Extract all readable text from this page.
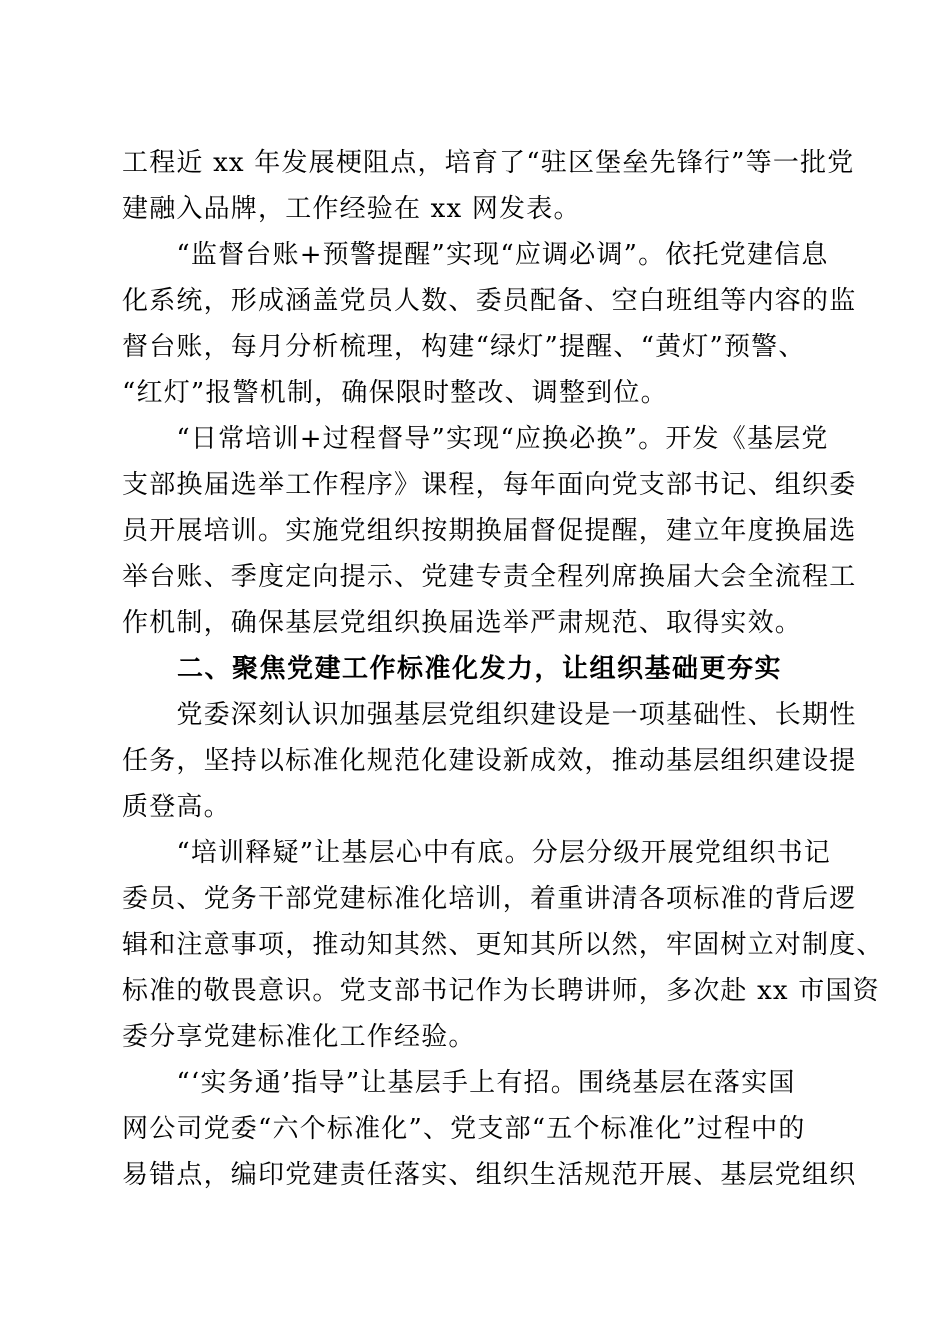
工程近 xx 年发展梗阻点，培育了“驻区堡垒先锋行”等一批党
建融入品牌，工作经验在 xx 网发表。
　　“监督台账+预警提醒”实现“应调必调”。依托党建信息
化系统，形成涵盖党员人数、委员配备、空白班组等内容的监
督台账，每月分析梳理，构建“绿灯”提醒、“黄灯”预警、
“红灯”报警机制，确保限时整改、调整到位。
　　“日常培训+过程督导”实现“应换必换”。开发《基层党
支部换届选举工作程序》课程，每年面向党支部书记、组织委
员开展培训。实施党组织按期换届督促提醒，建立年度换届选
举台账、季度定向提示、党建专责全程列席换届大会全流程工
作机制，确保基层党组织换届选举严肃规范、取得实效。
　　二、聚焦党建工作标准化发力，让组织基础更夯实
　　党委深刻认识加强基层党组织建设是一项基础性、长期性
任务，坚持以标准化规范化建设新成效，推动基层组织建设提
质登高。
　　“培训释疑”让基层心中有底。分层分级开展党组织书记
委员、党务干部党建标准化培训，着重讲清各项标准的背后逻
辑和注意事项，推动知其然、更知其所以然，牢固树立对制度、
标准的敬畏意识。党支部书记作为长聘讲师，多次赴 xx 市国资
委分享党建标准化工作经验。
　　“‘实务通’指导”让基层手上有招。围绕基层在落实国
网公司党委“六个标准化”、党支部“五个标准化”过程中的
易错点，编印党建责任落实、组织生活规范开展、基层党组织
